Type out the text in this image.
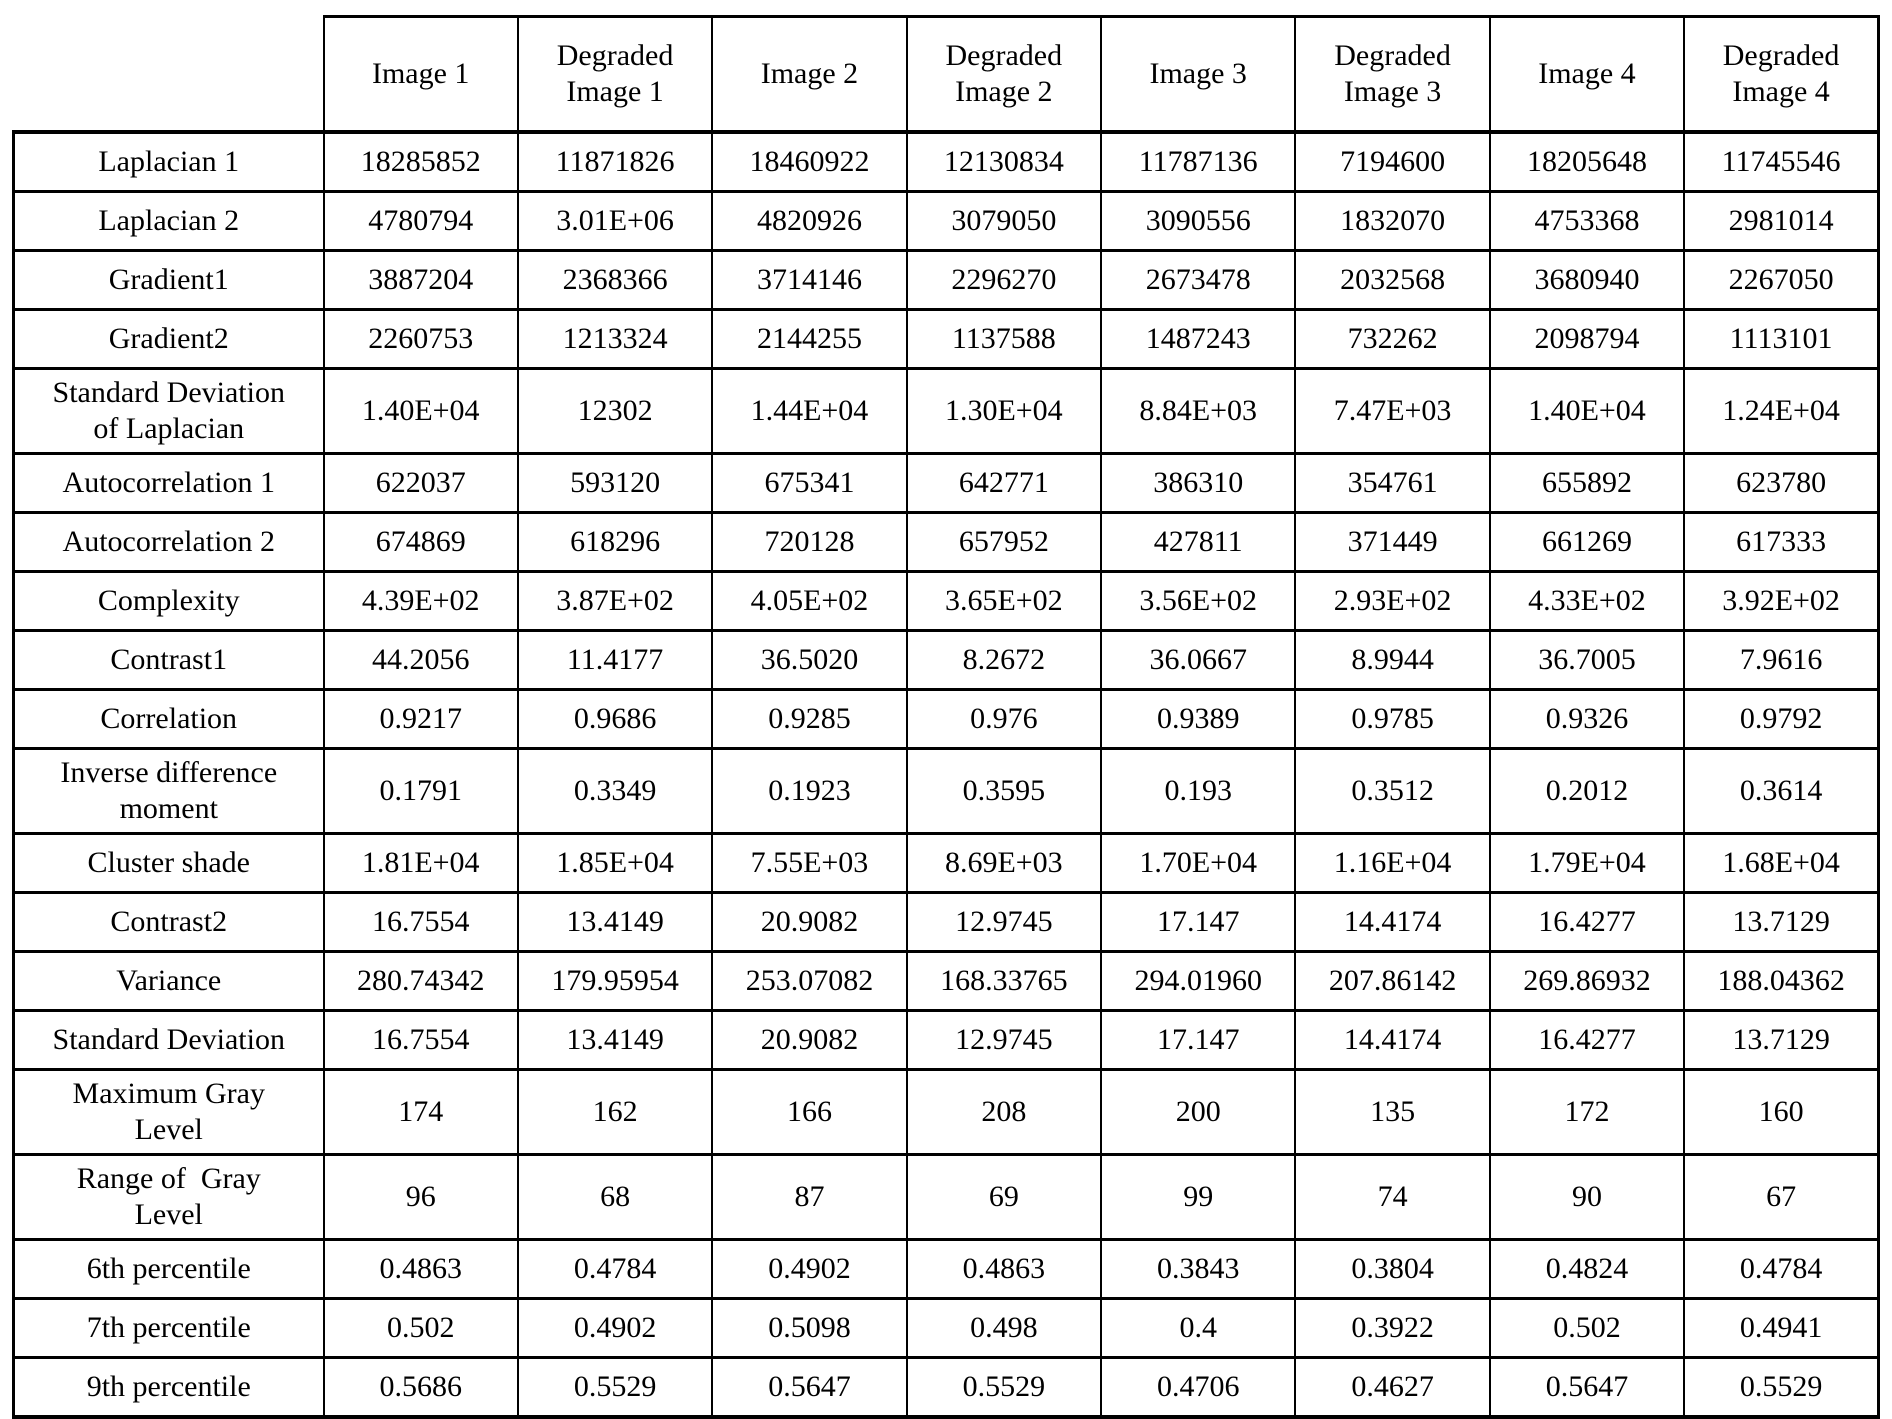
	Image 1	Degraded Image 1	Image 2	Degraded Image 2	Image 3	Degraded Image 3	Image 4	Degraded Image 4
Laplacian 1	18285852	11871826	18460922	12130834	11787136	7194600	18205648	11745546
Laplacian 2	4780794	3.01E+06	4820926	3079050	3090556	1832070	4753368	2981014
Gradient1	3887204	2368366	3714146	2296270	2673478	2032568	3680940	2267050
Gradient2	2260753	1213324	2144255	1137588	1487243	732262	2098794	1113101
Standard Deviation of Laplacian	1.40E+04	12302	1.44E+04	1.30E+04	8.84E+03	7.47E+03	1.40E+04	1.24E+04
Autocorrelation 1	622037	593120	675341	642771	386310	354761	655892	623780
Autocorrelation 2	674869	618296	720128	657952	427811	371449	661269	617333
Complexity	4.39E+02	3.87E+02	4.05E+02	3.65E+02	3.56E+02	2.93E+02	4.33E+02	3.92E+02
Contrast1	44.2056	11.4177	36.5020	8.2672	36.0667	8.9944	36.7005	7.9616
Correlation	0.9217	0.9686	0.9285	0.976	0.9389	0.9785	0.9326	0.9792
Inverse difference moment	0.1791	0.3349	0.1923	0.3595	0.193	0.3512	0.2012	0.3614
Cluster shade	1.81E+04	1.85E+04	7.55E+03	8.69E+03	1.70E+04	1.16E+04	1.79E+04	1.68E+04
Contrast2	16.7554	13.4149	20.9082	12.9745	17.147	14.4174	16.4277	13.7129
Variance	280.74342	179.95954	253.07082	168.33765	294.01960	207.86142	269.86932	188.04362
Standard Deviation	16.7554	13.4149	20.9082	12.9745	17.147	14.4174	16.4277	13.7129
Maximum Gray Level	174	162	166	208	200	135	172	160
Range of  Gray Level	96	68	87	69	99	74	90	67
6th percentile	0.4863	0.4784	0.4902	0.4863	0.3843	0.3804	0.4824	0.4784
7th percentile	0.502	0.4902	0.5098	0.498	0.4	0.3922	0.502	0.4941
9th percentile	0.5686	0.5529	0.5647	0.5529	0.4706	0.4627	0.5647	0.5529
